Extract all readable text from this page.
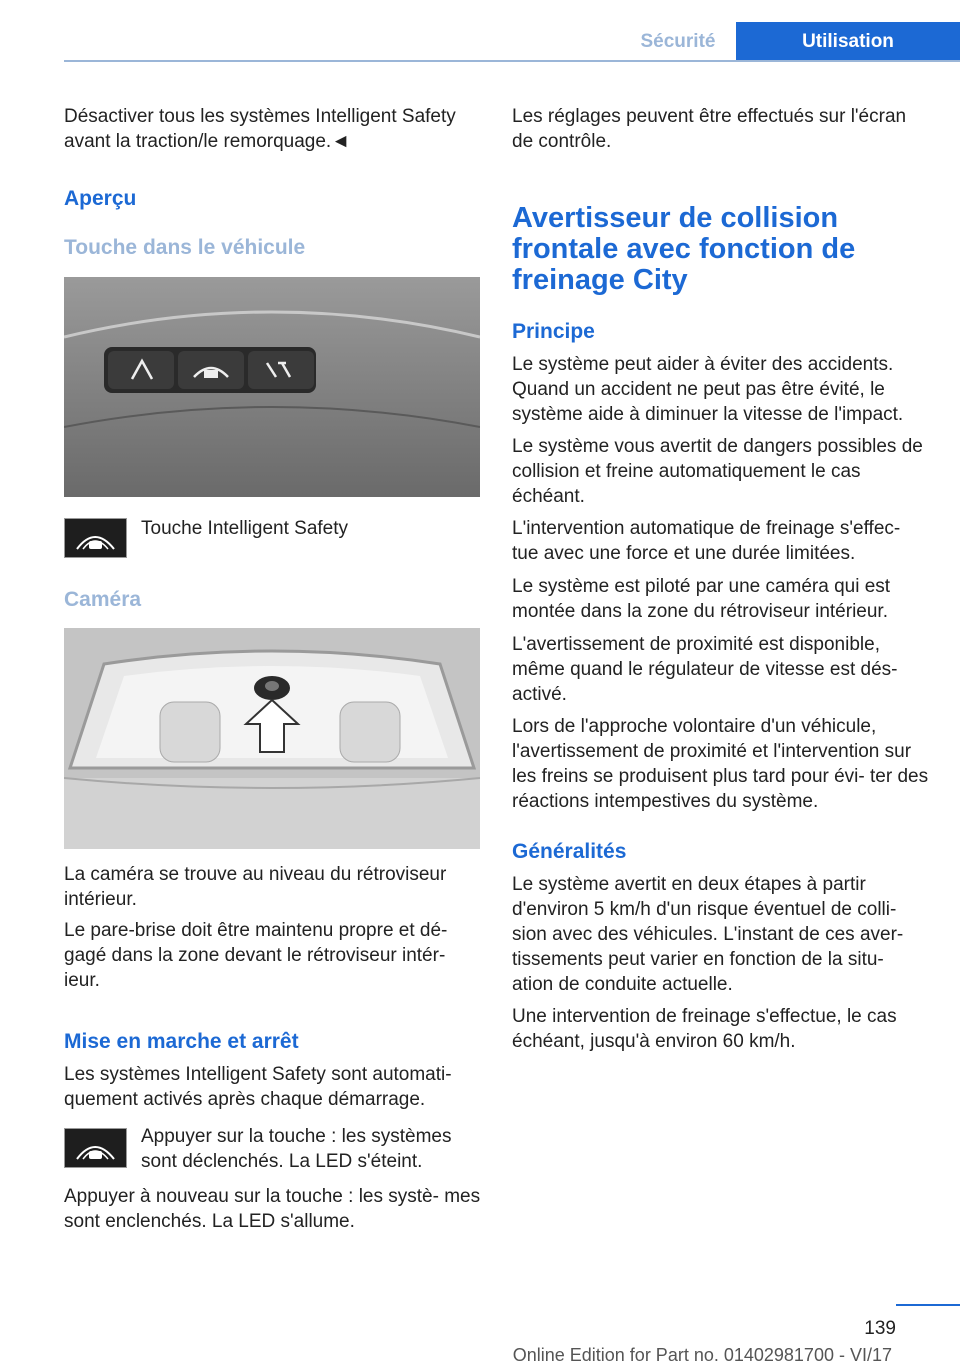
Sécurité	Utilisation

Désactiver tous les systèmes Intelligent Safety avant la traction/le remorquage.◄

Aperçu
Touche dans le véhicule

Touche Intelligent Safety

Caméra

La caméra se trouve au niveau du rétroviseur intérieur.

Le pare-brise doit être maintenu propre et dé‐ gagé dans la zone devant le rétroviseur intér‐ ieur.

Mise en marche et arrêt

Les systèmes Intelligent Safety sont automati‐ quement activés après chaque démarrage.

Appuyer sur la touche : les systèmes sont déclenchés. La LED s'éteint.

Appuyer à nouveau sur la touche : les systè‐ mes sont enclenchés. La LED s'allume.

Les réglages peuvent être effectués sur l'écran de contrôle.

Avertisseur de collision frontale avec fonction de freinage City
Principe

Le système peut aider à éviter des accidents. Quand un accident ne peut pas être évité, le système aide à diminuer la vitesse de l'impact.

Le système vous avertit de dangers possibles de collision et freine automatiquement le cas échéant.

L'intervention automatique de freinage s'effec‐ tue avec une force et une durée limitées.

Le système est piloté par une caméra qui est montée dans la zone du rétroviseur intérieur.

L'avertissement de proximité est disponible, même quand le régulateur de vitesse est dés‐ activé.

Lors de l'approche volontaire d'un véhicule, l'avertissement de proximité et l'intervention sur les freins se produisent plus tard pour évi‐ ter des réactions intempestives du système.

Généralités

Le système avertit en deux étapes à partir d'environ 5 km/h d'un risque éventuel de colli‐ sion avec des véhicules. L'instant de ces aver‐ tissements peut varier en fonction de la situ‐ ation de conduite actuelle.

Une intervention de freinage s'effectue, le cas échéant, jusqu'à environ 60 km/h.

139
Online Edition for Part no. 01402981700 - VI/17
